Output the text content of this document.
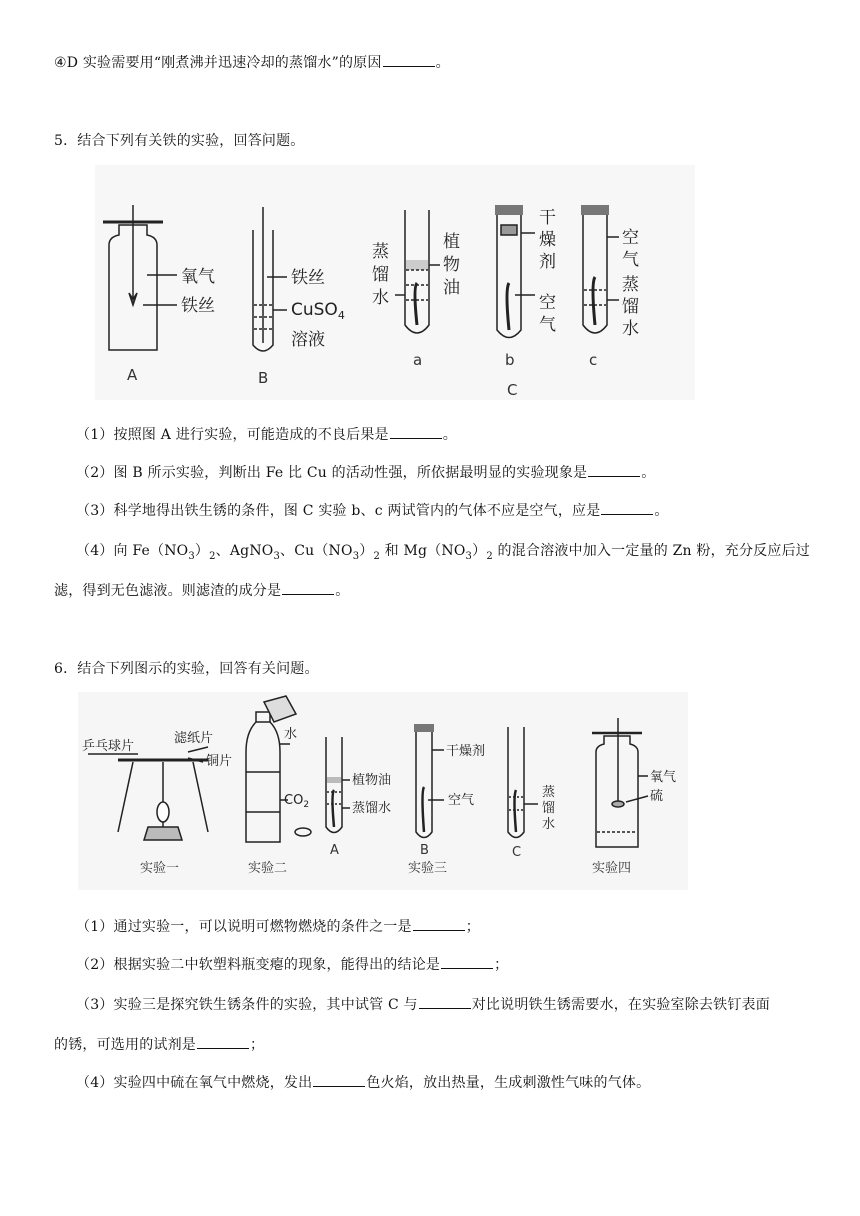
④D 实验需要用“刚煮沸并迅速冷却的蒸馏水”的原因	。
5．结合下列有关铁的实验，回答问题。
氧气
铁丝
A
铁丝
CuSO$_4$
溶液
B
植
物
油
蒸
馏
水
a
干
燥
剂
空
气
b
C
空
气
蒸
馏
水
c
（1）按照图 A 进行实验，可能造成的不良后果是	。
（2）图 B 所示实验，判断出 Fe 比 Cu 的活动性强，所依据最明显的实验现象是	。
（3）科学地得出铁生锈的条件，图 C 实验 b、c 两试管内的气体不应是空气，应是	。
（4）向 $Fe(NO_3)_2$、AgNO$_3$、$Cu(NO_3)_2$ 和 $Mg(NO_3)_2$ 的混合溶液中加入一定量的 Zn 粉，充分反应后过
滤，得到无色滤液。则滤渣的成分是	。
6．结合下列图示的实验，回答有关问题。
乒乓球片
滤纸片
铜片
实验一
水
$CO_2$
实验二
植物油
蒸馏水
A
干燥剂
空气
B
实验三
蒸
馏
水
C
氧气
硫
实验四
（1）通过实验一，可以说明可燃物燃烧的条件之一是	；
（2）根据实验二中软塑料瓶变瘪的现象，能得出的结论是	；
（3）实验三是探究铁生锈条件的实验，其中试管 C 与	对比说明铁生锈需要水，在实验室除去铁钉表面
的锈，可选用的试剂是	；
（4）实验四中硫在氧气中燃烧，发出	色火焰，放出热量，生成刺激性气味的气体。
